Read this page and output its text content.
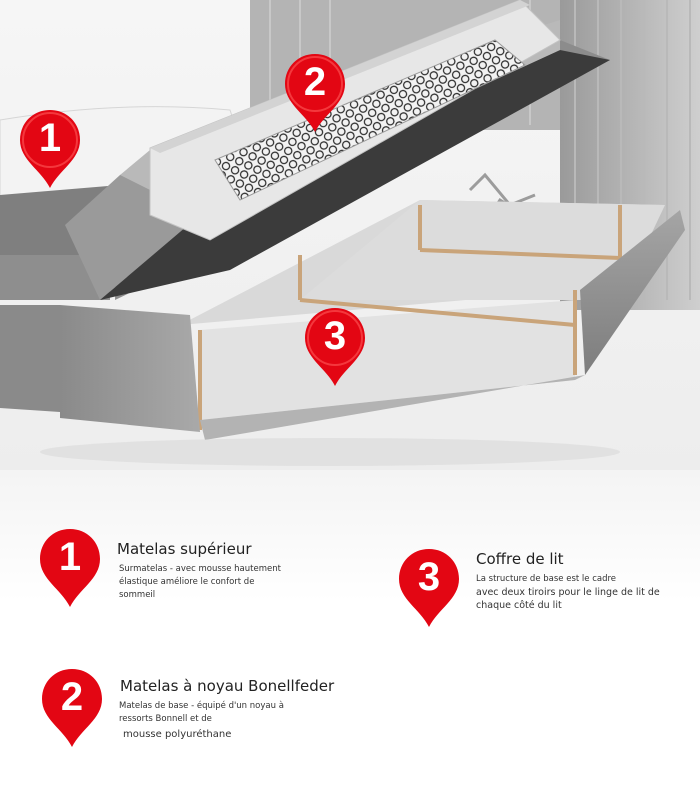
1
2
3
1	Matelas supérieur
Surmatelas - avec mousse hautement
élastique améliore le confort de
sommeil
2	Matelas à noyau Bonellfeder
Matelas de base - équipé d'un noyau à
ressorts Bonnell et de
mousse polyuréthane
3	Coffre de lit
La structure de base est le cadre
avec deux tiroirs pour le linge de lit de
chaque côté du lit
